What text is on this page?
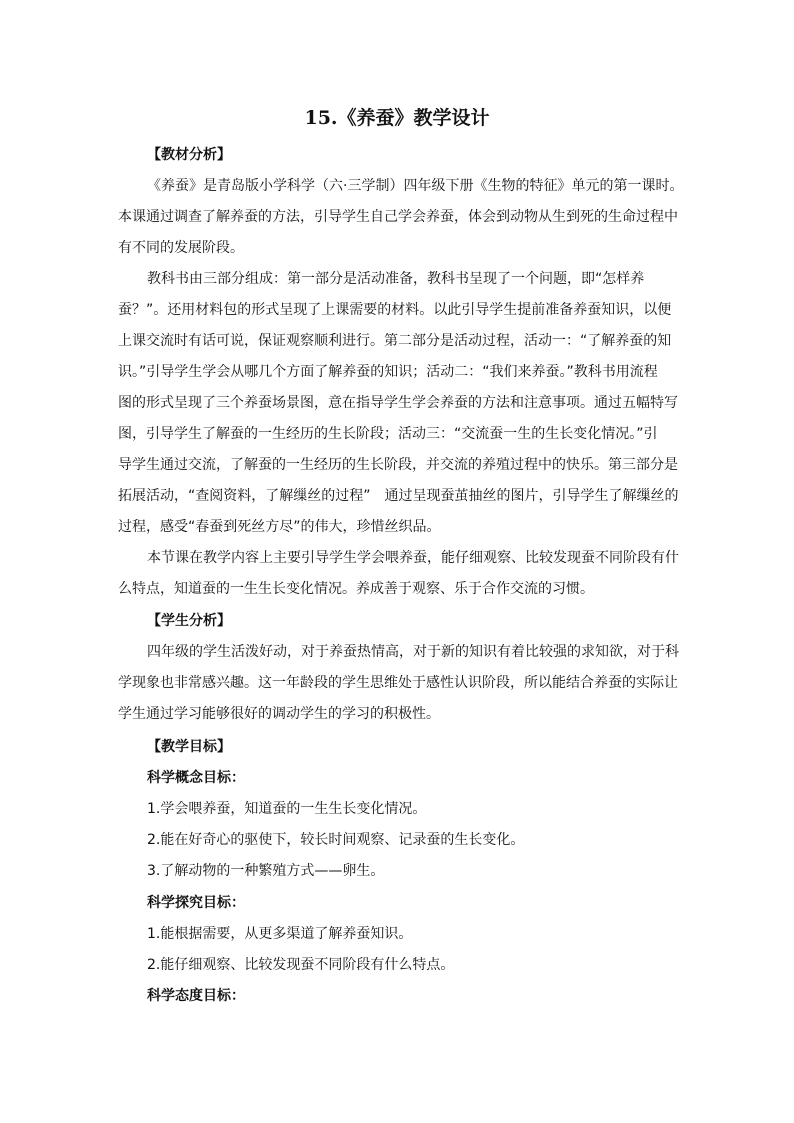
15.《养蚕》教学设计
【教材分析】
《养蚕》是青岛版小学科学（六·三学制）四年级下册《生物的特征》单元的第一课时。
本课通过调查了解养蚕的方法，引导学生自己学会养蚕，体会到动物从生到死的生命过程中
有不同的发展阶段。
教科书由三部分组成：第一部分是活动准备，教科书呈现了一个问题，即“怎样养
蚕？”。还用材料包的形式呈现了上课需要的材料。以此引导学生提前准备养蚕知识，以便
上课交流时有话可说，保证观察顺利进行。第二部分是活动过程，活动一：“了解养蚕的知
识。”引导学生学会从哪几个方面了解养蚕的知识；活动二：“我们来养蚕。”教科书用流程
图的形式呈现了三个养蚕场景图，意在指导学生学会养蚕的方法和注意事项。通过五幅特写
图，引导学生了解蚕的一生经历的生长阶段；活动三：“交流蚕一生的生长变化情况。”引
导学生通过交流，了解蚕的一生经历的生长阶段，并交流的养殖过程中的快乐。第三部分是
拓展活动，“查阅资料，了解缫丝的过程”　通过呈现蚕茧抽丝的图片，引导学生了解缫丝的
过程，感受“春蚕到死丝方尽”的伟大，珍惜丝织品。
本节课在教学内容上主要引导学生学会喂养蚕，能仔细观察、比较发现蚕不同阶段有什
么特点，知道蚕的一生生长变化情况。养成善于观察、乐于合作交流的习惯。
【学生分析】
四年级的学生活泼好动，对于养蚕热情高，对于新的知识有着比较强的求知欲，对于科
学现象也非常感兴趣。这一年龄段的学生思维处于感性认识阶段，所以能结合养蚕的实际让
学生通过学习能够很好的调动学生的学习的积极性。
【教学目标】
科学概念目标：
1.学会喂养蚕，知道蚕的一生生长变化情况。
2.能在好奇心的驱使下，较长时间观察、记录蚕的生长变化。
3.了解动物的一种繁殖方式——卵生。
科学探究目标：
1.能根据需要，从更多渠道了解养蚕知识。
2.能仔细观察、比较发现蚕不同阶段有什么特点。
科学态度目标：
